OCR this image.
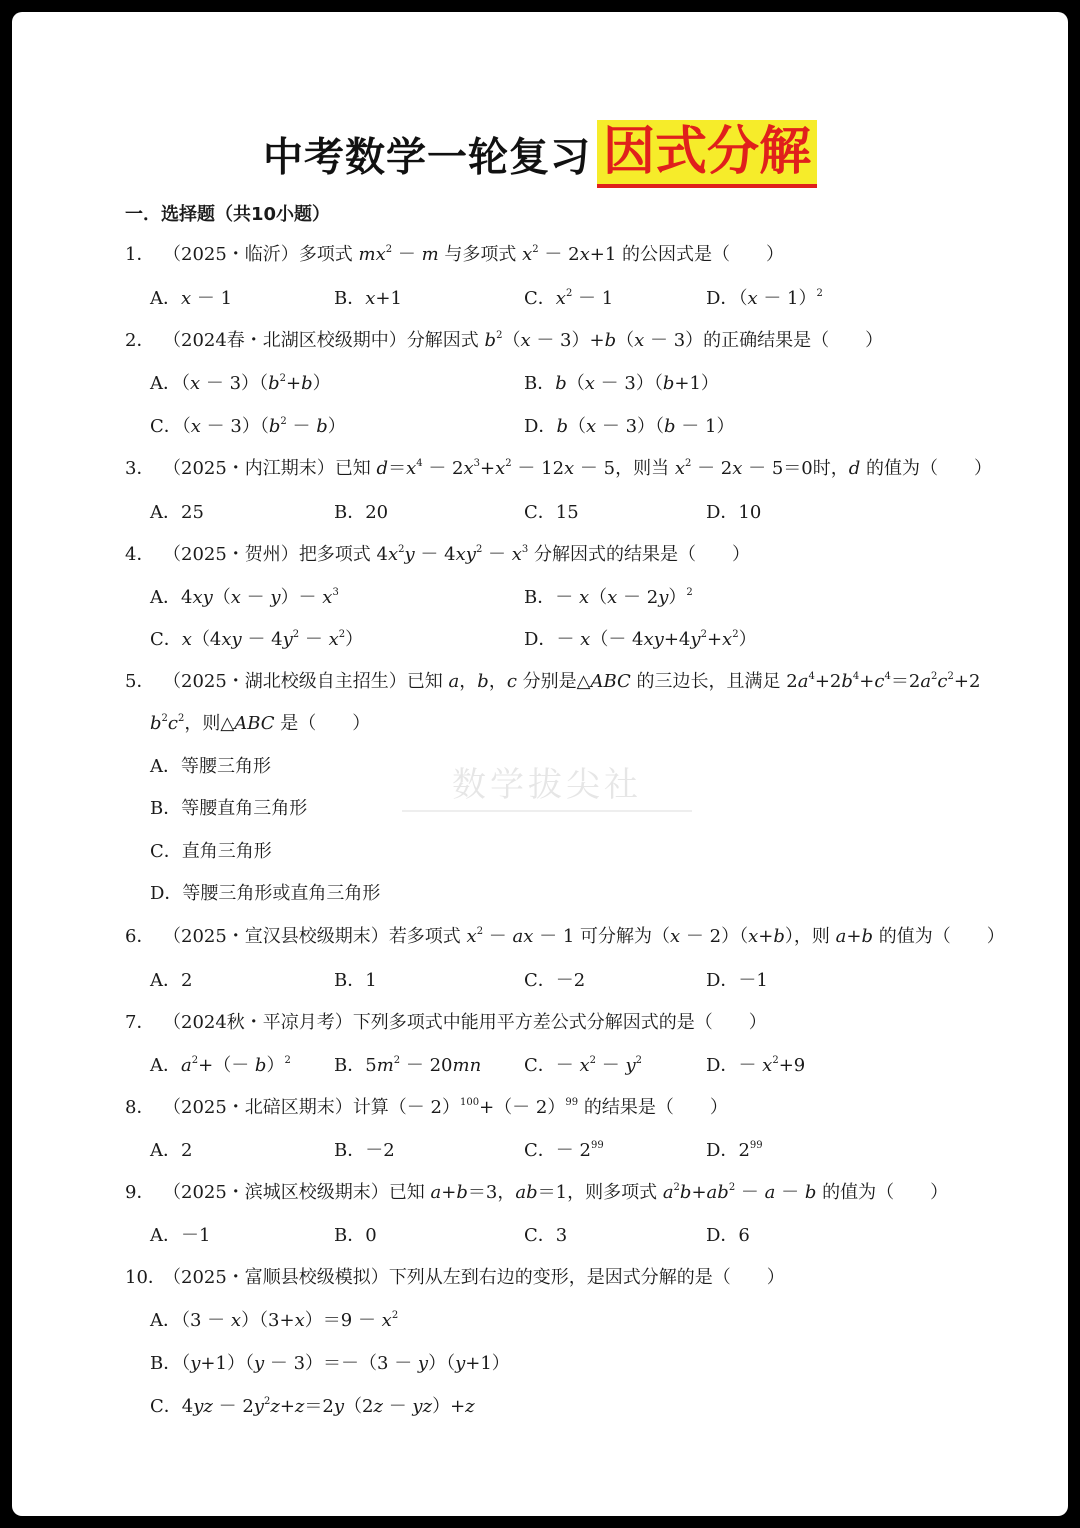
中考数学一轮复习 因式分解
一．选择题（共10小题）
数学拔尖社
1． （2025・临沂）多项式 $mx^2 - m$ 与多项式 $x^2 - 2x+1$ 的公因式是（　　）
A．x － 1	B．x+1	C．$x^2 - 1$	D．$(x - 1)^2$
2． （2024春・北湖区校级期中）分解因式 $b^2(x - 3)+b(x - 3)$的正确结果是（　　）
A．$(x - 3)(b^2+b)$	B．b（x － 3）（b+1）
C．$(x - 3)(b^2 - b)$	D．b（x － 3）（b － 1）
3． （2025・内江期末）已知 $d=x^4 - 2x^3+x^2 - 12x - 5$，则当 $x^2 - 2x - 5=0$时，d 的值为（　　）
A．25	B．20	C．15	D．10
4． （2025・贺州）把多项式 $4x^2y - 4xy^2 - x^3$ 分解因式的结果是（　　）
A．$4xy(x - y)- x^3$	B．－ $x(x - 2y)^2$
C．$x(4xy - 4y^2 - x^2)$	D．－ $x(- 4xy+4y^2+x^2)$
5． （2025・湖北校级自主招生）已知 a，b，c 分别是△ABC 的三边长，且满足 $2a^4+2b^4+c^4=2a^2c^2+2$
$b^2c^2$，则△ABC 是（　　）
A．等腰三角形
B．等腰直角三角形
C．直角三角形
D．等腰三角形或直角三角形
6． （2025・宣汉县校级期末）若多项式 $x^2$ － ax － 1 可分解为（x － 2）（x+b），则 a+b 的值为（　　）
A．2	B．1	C．－2	D．－1
7． （2024秋・平凉月考）下列多项式中能用平方差公式分解因式的是（　　）
A．$a^2+(- b)^2$ B．$5m^2 - 20mn$ C．－ $x^2 - y^2$	D．－ $x^2+9$
8． （2025・北碚区期末）计算（－ $2)^{100}+(- 2)^{99}$ 的结果是（　　）
A．2	B．－2	C．－ $2^{99}$	D．$2^{99}$
9． （2025・滨城区校级期末）已知 a+b＝3，ab＝1，则多项式 $a^2b+ab^2 - a - b$ 的值为（　　）
A．－1	B．0	C．3	D．6
10．（2025・富顺县校级模拟）下列从左到右边的变形，是因式分解的是（　　）
A．$(3 - x)(3+x)=9 - x^2$
B．（y+1）（y － 3）＝－（3 － y）（y+1）
C．$4yz - 2y^2z+z=2y(2z - yz)+z$
